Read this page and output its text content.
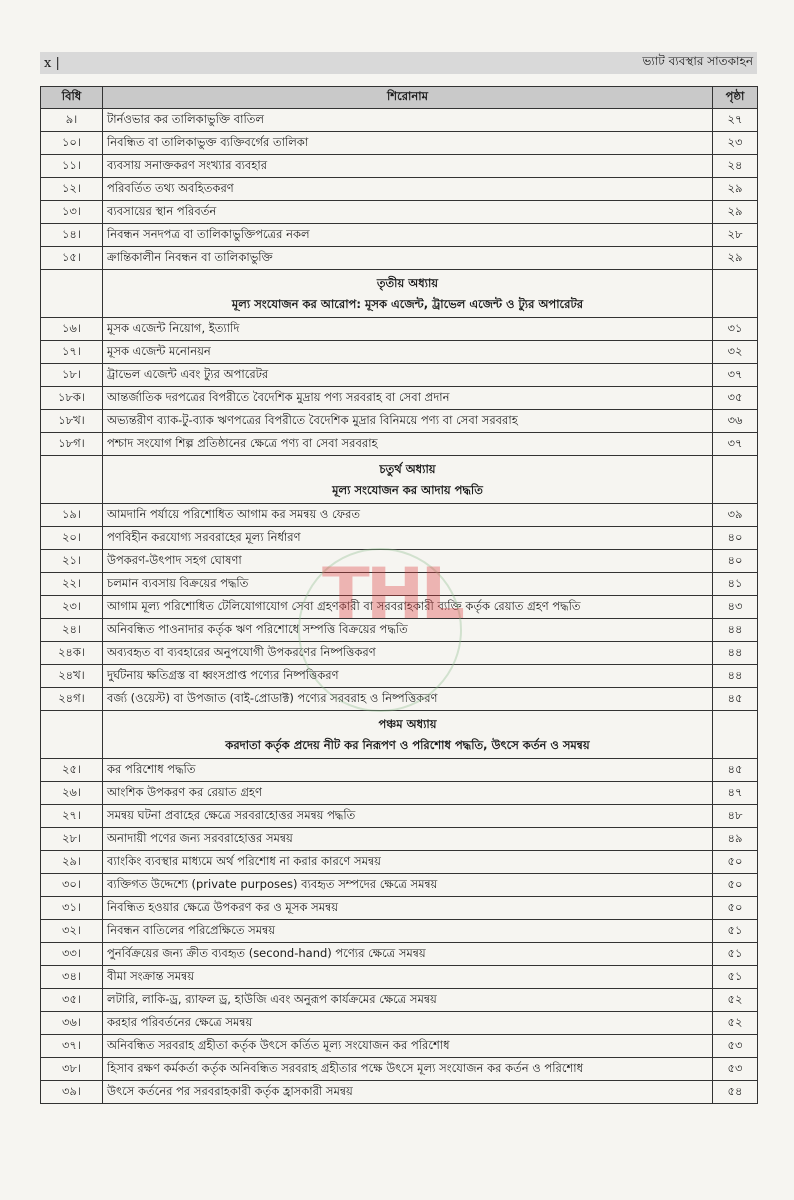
x |	ভ্যাট ব্যবস্থার সাতকাহন
বিধি	শিরোনাম	পৃষ্ঠা
৯।	টার্নওভার কর তালিকাভুক্তি বাতিল	২৭
১০।	নিবন্ধিত বা তালিকাভুক্ত ব্যক্তিবর্গের তালিকা	২৩
১১।	ব্যবসায় সনাক্তকরণ সংখ্যার ব্যবহার	২৪
১২।	পরিবর্তিত তথ্য অবহিতকরণ	২৯
১৩।	ব্যবসায়ের স্থান পরিবর্তন	২৯
১৪।	নিবন্ধন সনদপত্র বা তালিকাভুক্তিপত্রের নকল	২৮
১৫।	ক্রান্তিকালীন নিবন্ধন বা তালিকাভুক্তি	২৯

	তৃতীয় অধ্যায়
মূল্য সংযোজন কর আরোপ: মূসক এজেন্ট, ট্রাভেল এজেন্ট ও ট্যুর অপারেটর	

১৬।	মূসক এজেন্ট নিয়োগ, ইত্যাদি	৩১
১৭।	মূসক এজেন্ট মনোনয়ন	৩২
১৮।	ট্রাভেল এজেন্ট এবং ট্যুর অপারেটর	৩৭
১৮ক।	আন্তর্জাতিক দরপত্রের বিপরীতে বৈদেশিক মুদ্রায় পণ্য সরবরাহ বা সেবা প্রদান	৩৫
১৮খ।	অভ্যন্তরীণ ব্যাক-টু-ব্যাক ঋণপত্রের বিপরীতে বৈদেশিক মুদ্রার বিনিময়ে পণ্য বা সেবা সরবরাহ	৩৬
১৮গ।	পশ্চাদ সংযোগ শিল্প প্রতিষ্ঠানের ক্ষেত্রে পণ্য বা সেবা সরবরাহ	৩৭

	চতুর্থ অধ্যায়
মূল্য সংযোজন কর আদায় পদ্ধতি	

১৯।	আমদানি পর্যায়ে পরিশোধিত আগাম কর সমন্বয় ও ফেরত	৩৯
২০।	পণবিহীন করযোগ্য সরবরাহের মূল্য নির্ধারণ	৪০
২১।	উপকরণ-উৎপাদ সহগ ঘোষণা	৪০
২২।	চলমান ব্যবসায় বিক্রয়ের পদ্ধতি	৪১
২৩।	আগাম মূল্য পরিশোধিত টেলিযোগাযোগ সেবা গ্রহণকারী বা সরবরাহকারী ব্যক্তি কর্তৃক রেয়াত গ্রহণ পদ্ধতি	৪৩
২৪।	অনিবন্ধিত পাওনাদার কর্তৃক ঋণ পরিশোধে সম্পত্তি বিক্রয়ের পদ্ধতি	৪৪
২৪ক।	অব্যবহৃত বা ব্যবহারের অনুপযোগী উপকরণের নিষ্পত্তিকরণ	৪৪
২৪খ।	দুর্ঘটনায় ক্ষতিগ্রস্ত বা ধ্বংসপ্রাপ্ত পণ্যের নিষ্পত্তিকরণ	৪৪
২৪গ।	বর্জ্য (ওয়েস্ট) বা উপজাত (বাই-প্রোডাক্ট) পণ্যের সরবরাহ ও নিষ্পত্তিকরণ	৪৫

	পঞ্চম অধ্যায়
করদাতা কর্তৃক প্রদেয় নীট কর নিরূপণ ও পরিশোধ পদ্ধতি, উৎসে কর্তন ও সমন্বয়	

২৫।	কর পরিশোধ পদ্ধতি	৪৫
২৬।	আংশিক উপকরণ কর রেয়াত গ্রহণ	৪৭
২৭।	সমন্বয় ঘটনা প্রবাহের ক্ষেত্রে সরবরাহোত্তর সমন্বয় পদ্ধতি	৪৮
২৮।	অনাদায়ী পণের জন্য সরবরাহোত্তর সমন্বয়	৪৯
২৯।	ব্যাংকিং ব্যবস্থার মাধ্যমে অর্থ পরিশোধ না করার কারণে সমন্বয়	৫০
৩০।	ব্যক্তিগত উদ্দেশ্যে (private purposes) ব্যবহৃত সম্পদের ক্ষেত্রে সমন্বয়	৫০
৩১।	নিবন্ধিত হওয়ার ক্ষেত্রে উপকরণ কর ও মূসক সমন্বয়	৫০
৩২।	নিবন্ধন বাতিলের পরিপ্রেক্ষিতে সমন্বয়	৫১
৩৩।	পুনর্বিক্রয়ের জন্য ক্রীত ব্যবহৃত (second-hand) পণ্যের ক্ষেত্রে সমন্বয়	৫১
৩৪।	বীমা সংক্রান্ত সমন্বয়	৫১
৩৫।	লটারি, লাকি-ড্র, র‍্যাফল ড্র, হাউজি এবং অনুরূপ কার্যক্রমের ক্ষেত্রে সমন্বয়	৫২
৩৬।	করহার পরিবর্তনের ক্ষেত্রে সমন্বয়	৫২
৩৭।	অনিবন্ধিত সরবরাহ গ্রহীতা কর্তৃক উৎসে কর্তিত মূল্য সংযোজন কর পরিশোধ	৫৩
৩৮।	হিসাব রক্ষণ কর্মকর্তা কর্তৃক অনিবন্ধিত সরবরাহ গ্রহীতার পক্ষে উৎসে মূল্য সংযোজন কর কর্তন ও পরিশোধ	৫৩
৩৯।	উৎসে কর্তনের পর সরবরাহকারী কর্তৃক হ্রাসকারী সমন্বয়	৫৪
THL
